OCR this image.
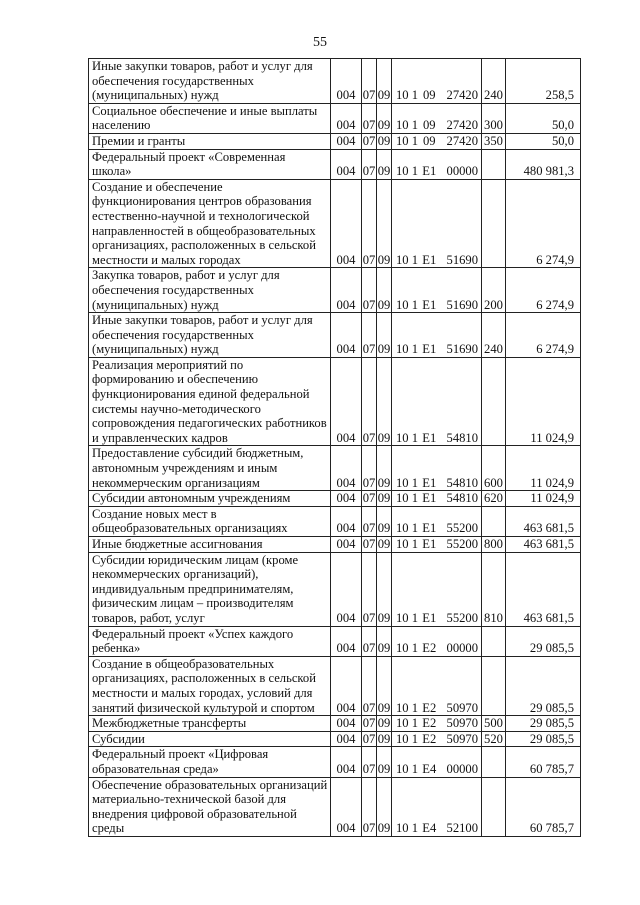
55
Иные закупки товаров, работ и услуг для обеспечения государственных (муниципальных) нужд	004	07	09	10 1 09 27420	240	258,5
Социальное обеспечение и иные выплаты населению	004	07	09	10 1 09 27420	300	50,0
Премии и гранты	004	07	09	10 1 09 27420	350	50,0
Федеральный проект «Современная школа»	004	07	09	10 1 E1 00000		480 981,3
Создание и обеспечение функционирования центров образования естественно-научной и технологической направленностей в общеобразовательных организациях, расположенных в сельской местности и малых городах	004	07	09	10 1 E1 51690		6 274,9
Закупка товаров, работ и услуг для обеспечения государственных (муниципальных) нужд	004	07	09	10 1 E1 51690	200	6 274,9
Иные закупки товаров, работ и услуг для обеспечения государственных (муниципальных) нужд	004	07	09	10 1 E1 51690	240	6 274,9
Реализация мероприятий по формированию и обеспечению функционирования единой федеральной системы научно-методического сопровождения педагогических работников и управленческих кадров	004	07	09	10 1 E1 54810		11 024,9
Предоставление субсидий бюджетным, автономным учреждениям и иным некоммерческим организациям	004	07	09	10 1 E1 54810	600	11 024,9
Субсидии автономным учреждениям	004	07	09	10 1 E1 54810	620	11 024,9
Создание новых мест в общеобразовательных организациях	004	07	09	10 1 E1 55200		463 681,5
Иные бюджетные ассигнования	004	07	09	10 1 E1 55200	800	463 681,5
Субсидии юридическим лицам (кроме некоммерческих организаций), индивидуальным предпринимателям, физическим лицам – производителям товаров, работ, услуг	004	07	09	10 1 E1 55200	810	463 681,5
Федеральный проект «Успех каждого ребенка»	004	07	09	10 1 E2 00000		29 085,5
Создание в общеобразовательных организациях, расположенных в сельской местности и малых городах, условий для занятий физической культурой и спортом	004	07	09	10 1 E2 50970		29 085,5
Межбюджетные трансферты	004	07	09	10 1 E2 50970	500	29 085,5
Субсидии	004	07	09	10 1 E2 50970	520	29 085,5
Федеральный проект «Цифровая образовательная среда»	004	07	09	10 1 E4 00000		60 785,7
Обеспечение образовательных организаций материально-технической базой для внедрения цифровой образовательной среды	004	07	09	10 1 E4 52100		60 785,7
